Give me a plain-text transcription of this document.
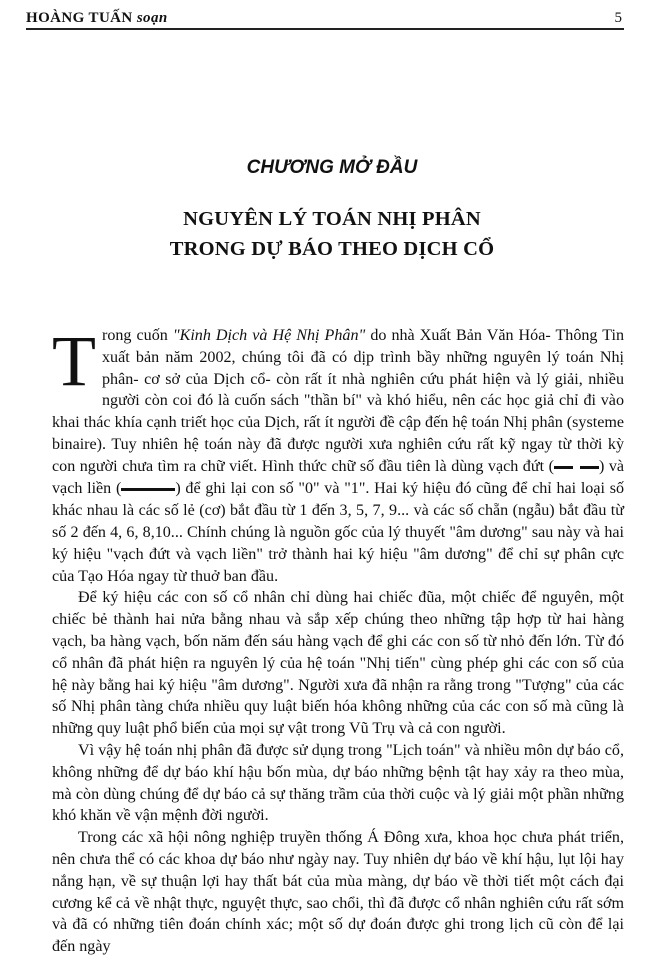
HOÀNG TUẤN soạn	5
CHƯƠNG MỞ ĐẦU
NGUYÊN LÝ TOÁN NHỊ PHÂN
TRONG DỰ BÁO THEO DỊCH CỔ

Trong cuốn "Kinh Dịch và Hệ Nhị Phân" do nhà Xuất Bản Văn Hóa- Thông Tin xuất bản năm 2002, chúng tôi đã có dịp trình bầy những nguyên lý toán Nhị phân- cơ sở của Dịch cổ- còn rất ít nhà nghiên cứu phát hiện và lý giải, nhiều người còn coi đó là cuốn sách "thần bí" và khó hiểu, nên các học giả chỉ đi vào khai thác khía cạnh triết học của Dịch, rất ít người đề cập đến hệ toán Nhị phân (systeme binaire). Tuy nhiên hệ toán này đã được người xưa nghiên cứu rất kỹ ngay từ thời kỳ con người chưa tìm ra chữ viết. Hình thức chữ số đầu tiên là dùng vạch đứt (	) và vạch liền (	) để ghi lại con số "0" và "1". Hai ký hiệu đó cũng để chỉ hai loại số khác nhau là các số lẻ (cơ) bắt đầu từ 1 đến 3, 5, 7, 9... và các số chẵn (ngẫu) bắt đầu từ số 2 đến 4, 6, 8,10... Chính chúng là nguồn gốc của lý thuyết "âm dương" sau này và hai ký hiệu "vạch đứt và vạch liền" trở thành hai ký hiệu "âm dương" để chỉ sự phân cực của Tạo Hóa ngay từ thuở ban đầu.

Để ký hiệu các con số cổ nhân chỉ dùng hai chiếc đũa, một chiếc để nguyên, một chiếc bẻ thành hai nửa bằng nhau và sắp xếp chúng theo những tập hợp từ hai hàng vạch, ba hàng vạch, bốn năm đến sáu hàng vạch để ghi các con số từ nhỏ đến lớn. Từ đó cổ nhân đã phát hiện ra nguyên lý của hệ toán "Nhị tiến" cùng phép ghi các con số của hệ này bằng hai ký hiệu "âm dương". Người xưa đã nhận ra rằng trong "Tượng" của các số Nhị phân tàng chứa nhiều quy luật biến hóa không những của các con số mà cũng là những quy luật phổ biến của mọi sự vật trong Vũ Trụ và cả con người.

Vì vậy hệ toán nhị phân đã được sử dụng trong "Lịch toán" và nhiều môn dự báo cổ, không những để dự báo khí hậu bốn mùa, dự báo những bệnh tật hay xảy ra theo mùa, mà còn dùng chúng để dự báo cả sự thăng trầm của thời cuộc và lý giải một phần những khó khăn về vận mệnh đời người.

Trong các xã hội nông nghiệp truyền thống Á Đông xưa, khoa học chưa phát triển, nên chưa thể có các khoa dự báo như ngày nay. Tuy nhiên dự báo về khí hậu, lụt lội hay nắng hạn, về sự thuận lợi hay thất bát của mùa màng, dự báo về thời tiết một cách đại cương kể cả về nhật thực, nguyệt thực, sao chổi, thì đã được cổ nhân nghiên cứu rất sớm và đã có những tiên đoán chính xác; một số dự đoán được ghi trong lịch cũ còn để lại đến ngày
